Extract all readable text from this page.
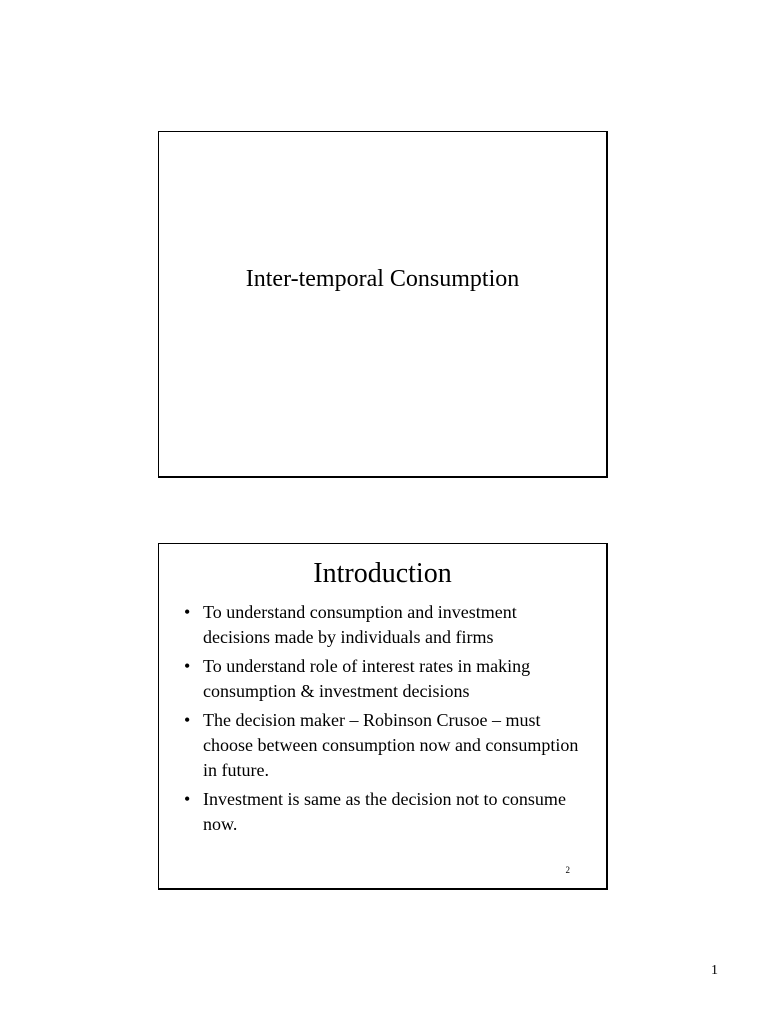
Inter-temporal Consumption
Introduction
• To understand consumption and investment decisions made by individuals and firms
• To understand role of interest rates in making consumption & investment decisions
• The decision maker – Robinson Crusoe – must choose between consumption now and consumption in future.
• Investment is same as the decision not to consume now.
2
1
